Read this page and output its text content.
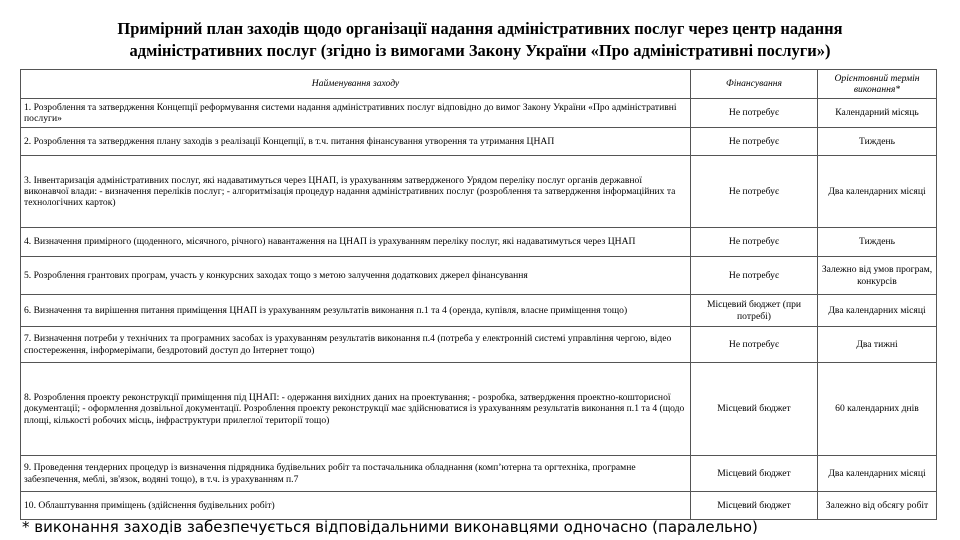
Примірний план заходів щодо організації надання адміністративних послуг через центр надання
адміністративних послуг (згідно із вимогами Закону України «Про адміністративні послуги»)
Найменування заходу	Фінансування	Орієнтовний термін виконання*
1. Розроблення та затвердження Концепції реформування системи надання адміністративних послуг відповідно до вимог Закону України «Про адміністративні послуги»	Не потребує	Календарний місяць
2. Розроблення та затвердження плану заходів з реалізації Концепції, в т.ч. питання фінансування утворення та утримання ЦНАП	Не потребує	Тиждень
3. Інвентаризація адміністративних послуг, які надаватимуться через ЦНАП, із урахуванням затвердженого Урядом переліку послуг органів державної виконавчої влади: - визначення переліків послуг; - алгоритмізація процедур надання адміністративних послуг (розроблення та затвердження інформаційних та технологічних карток)	Не потребує	Два календарних місяці
4. Визначення примірного (щоденного, місячного, річного) навантаження на ЦНАП із урахуванням переліку послуг, які надаватимуться через ЦНАП	Не потребує	Тиждень
5. Розроблення грантових програм, участь у конкурсних заходах тощо з метою залучення додаткових джерел фінансування	Не потребує	Залежно від умов програм, конкурсів
6. Визначення та вирішення питання приміщення ЦНАП із урахуванням результатів виконання п.1 та 4 (оренда, купівля, власне приміщення тощо)	Місцевий бюджет (при потребі)	Два календарних місяці
7. Визначення потреби у технічних та програмних засобах із урахуванням результатів виконання п.4 (потреба у електронній системі управління чергою, відео спостереження, інформерімапи, бездротовий доступ до Інтернет тощо)	Не потребує	Два тижні
8. Розроблення проекту реконструкції приміщення під ЦНАП: - одержання вихідних даних на проектування; - розробка, затвердження проектно-кошторисної документації; - оформлення дозвільної документації. Розроблення проекту реконструкції має здійснюватися із урахуванням результатів виконання п.1 та 4 (щодо площі, кількості робочих місць, інфраструктури прилеглої території тощо)	Місцевий бюджет	60 календарних днів
9. Проведення тендерних процедур із визначення підрядника будівельних робіт та постачальника обладнання (комп’ютерна та оргтехніка, програмне забезпечення, меблі, зв'язок, водяні тощо), в т.ч. із урахуванням п.7	Місцевий бюджет	Два календарних місяці
10. Облаштування приміщень (здійснення будівельних робіт)	Місцевий бюджет	Залежно від обсягу робіт
* виконання заходів забезпечується відповідальними виконавцями одночасно (паралельно)
